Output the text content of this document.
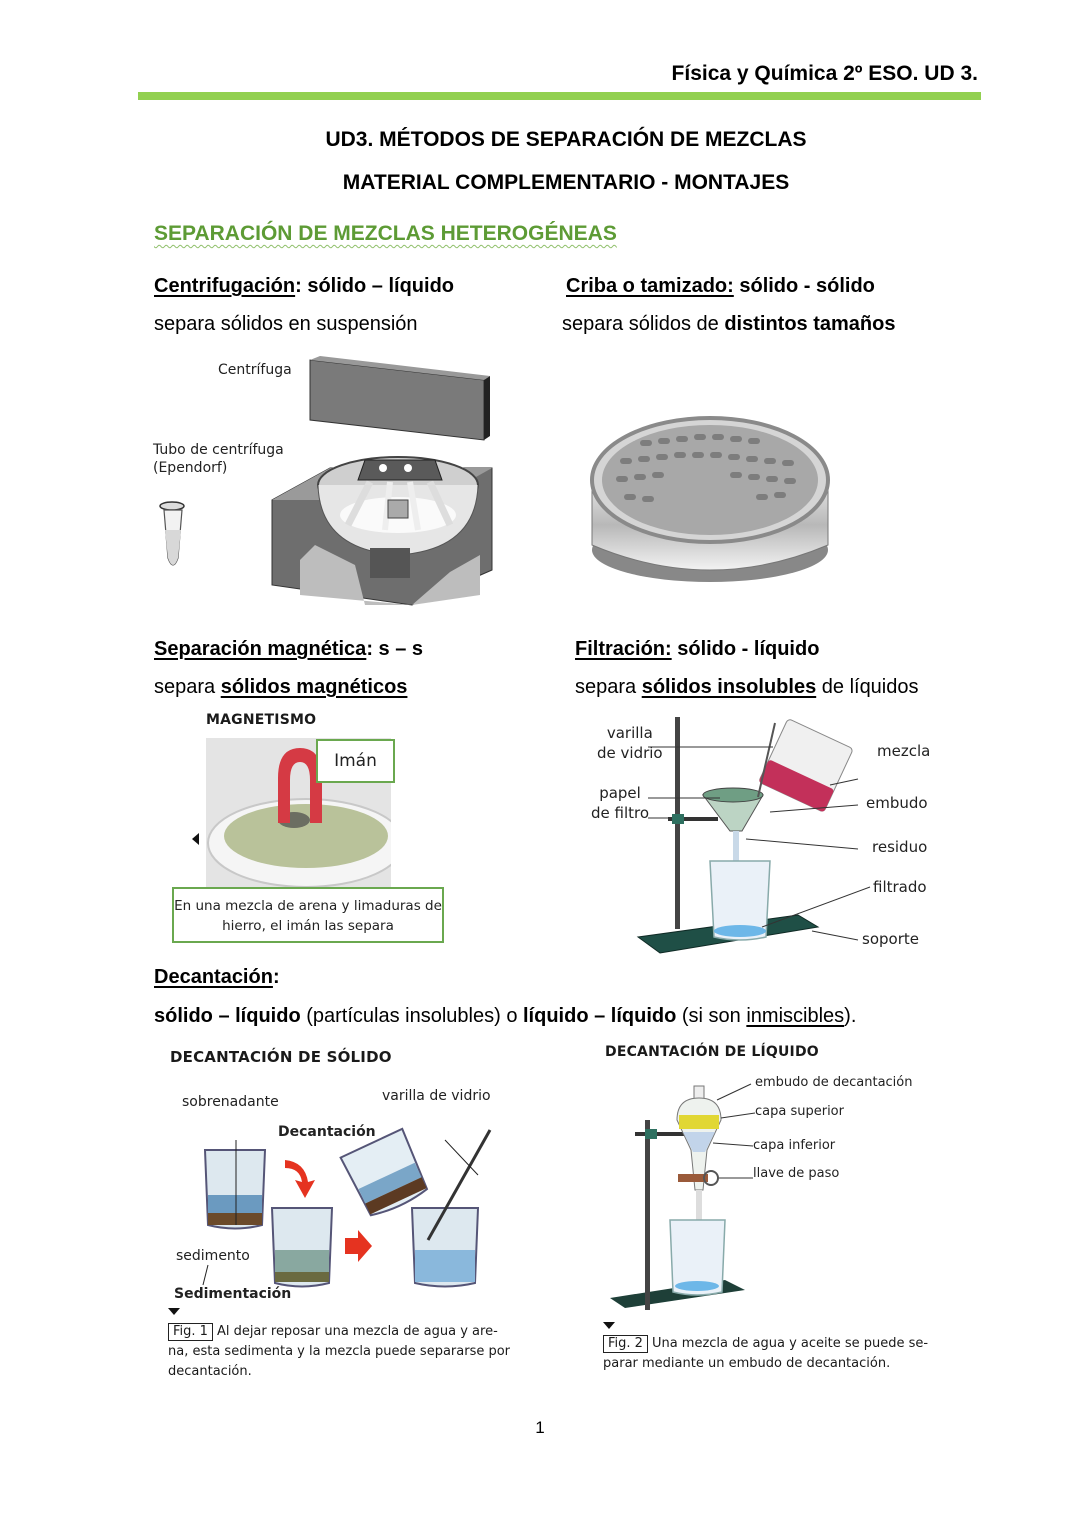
Física y Química 2º ESO. UD 3.
UD3. MÉTODOS DE SEPARACIÓN DE MEZCLAS
MATERIAL COMPLEMENTARIO - MONTAJES
SEPARACIÓN DE MEZCLAS HETEROGÉNEAS
Centrifugación: sólido – líquido
separa sólidos en suspensión
Centrífuga
Tubo de centrífuga
(Ependorf)
Criba o tamizado: sólido - sólido
separa sólidos de distintos tamaños
Separación magnética: s – s
separa sólidos magnéticos
MAGNETISMO
Imán
En una mezcla de arena y limaduras de hierro, el imán las separa
Filtración: sólido - líquido
separa sólidos insolubles de líquidos
varilla
de vidrio
papel
de filtro
mezcla
embudo
residuo
filtrado
soporte
Decantación:
sólido – líquido (partículas insolubles) o líquido – líquido (si son inmiscibles).
DECANTACIÓN DE SÓLIDO
sobrenadante	varilla de vidrio
Decantación
sedimento
Sedimentación
Fig. 1 Al dejar reposar una mezcla de agua y are-na, esta sedimenta y la mezcla puede separarse por decantación.
DECANTACIÓN DE LÍQUIDO
embudo de decantación
capa superior
capa inferior
llave de paso
Fig. 2 Una mezcla de agua y aceite se puede se-parar mediante un embudo de decantación.
1
